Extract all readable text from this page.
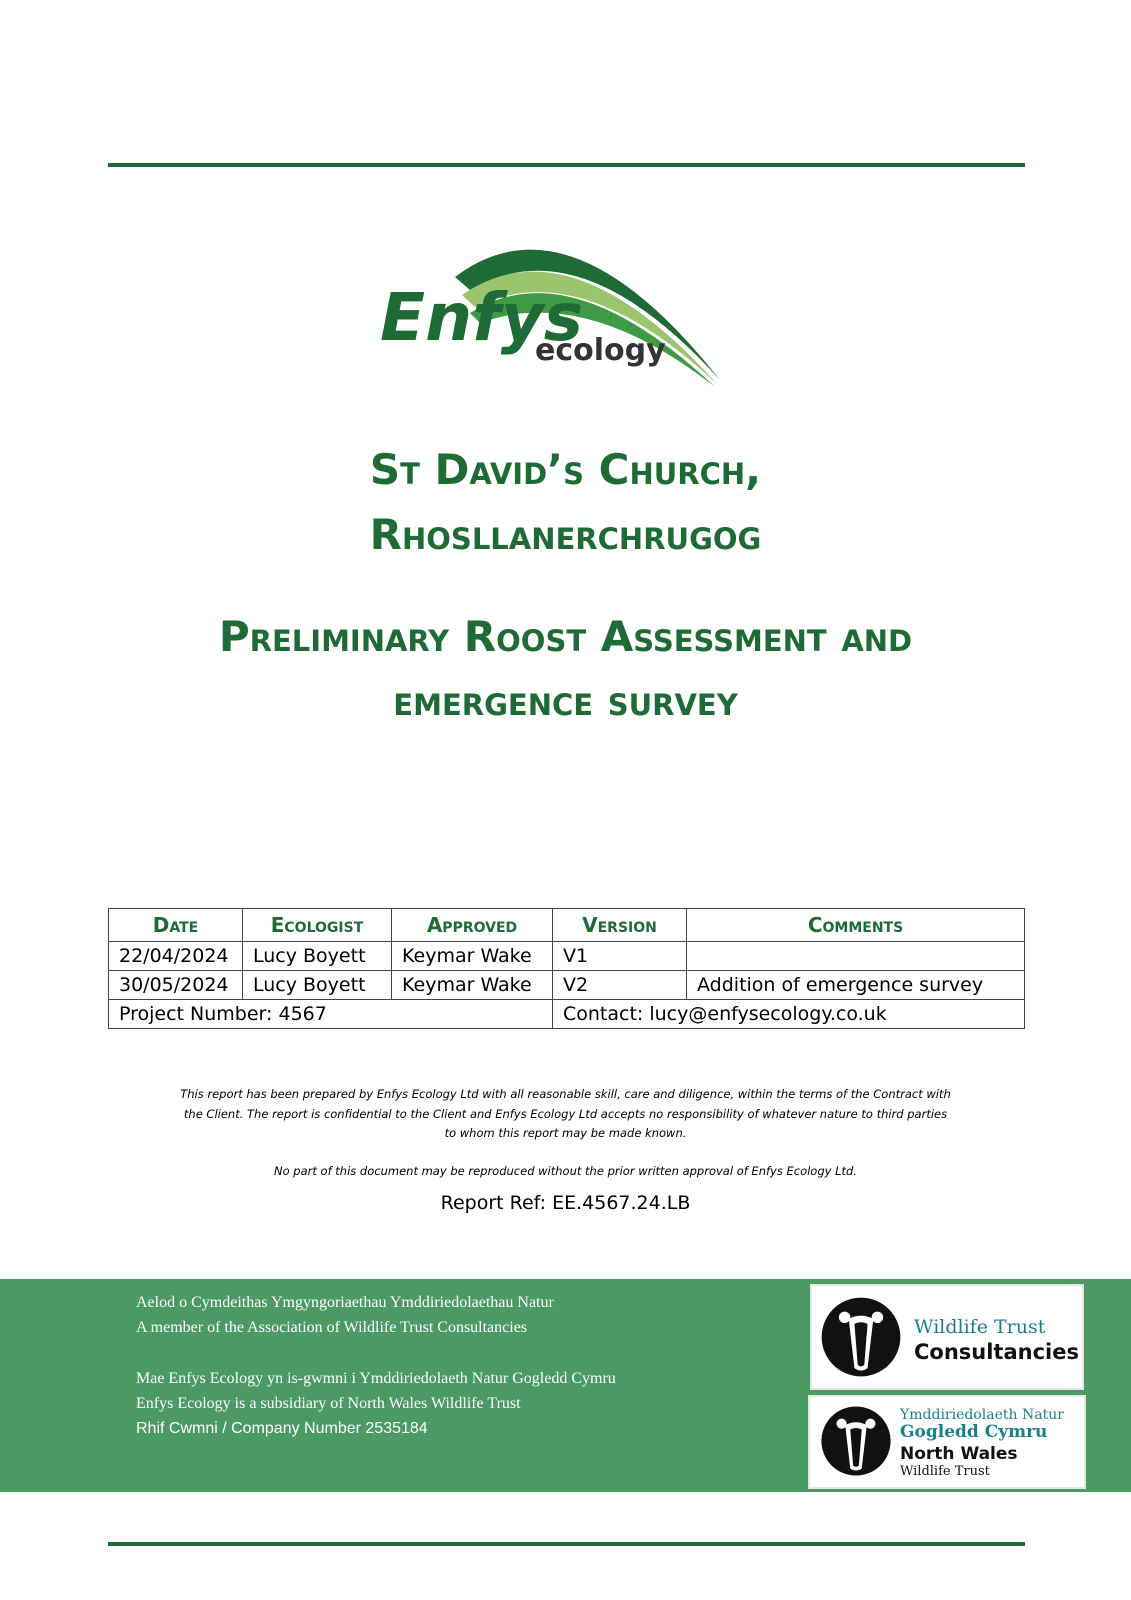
Enfys
ecology
St David’s Church,
Rhosllanerchrugog
Preliminary Roost Assessment and
emergence survey
Date	Ecologist	Approved	Version	Comments
22/04/2024	Lucy Boyett	Keymar Wake	V1	
30/05/2024	Lucy Boyett	Keymar Wake	V2	Addition of emergence survey
Project Number: 4567			Contact: lucy@enfysecology.co.uk	

This report has been prepared by Enfys Ecology Ltd with all reasonable skill, care and diligence, within the terms of the Contract with the Client. The report is confidential to the Client and Enfys Ecology Ltd accepts no responsibility of whatever nature to third parties to whom this report may be made known.

No part of this document may be reproduced without the prior written approval of Enfys Ecology Ltd.

Report Ref: EE.4567.24.LB

Aelod o Cymdeithas Ymgyngoriaethau Ymddiriedolaethau Natur
A member of the Association of Wildlife Trust Consultancies
Mae Enfys Ecology yn is-gwmni i Ymddiriedolaeth Natur Gogledd Cymru
Enfys Ecology is a subsidiary of North Wales Wildlife Trust
Rhif Cwmni / Company Number 2535184
Wildlife Trust
Consultancies
Ymddiriedolaeth Natur
Gogledd Cymru
North Wales
Wildlife Trust
